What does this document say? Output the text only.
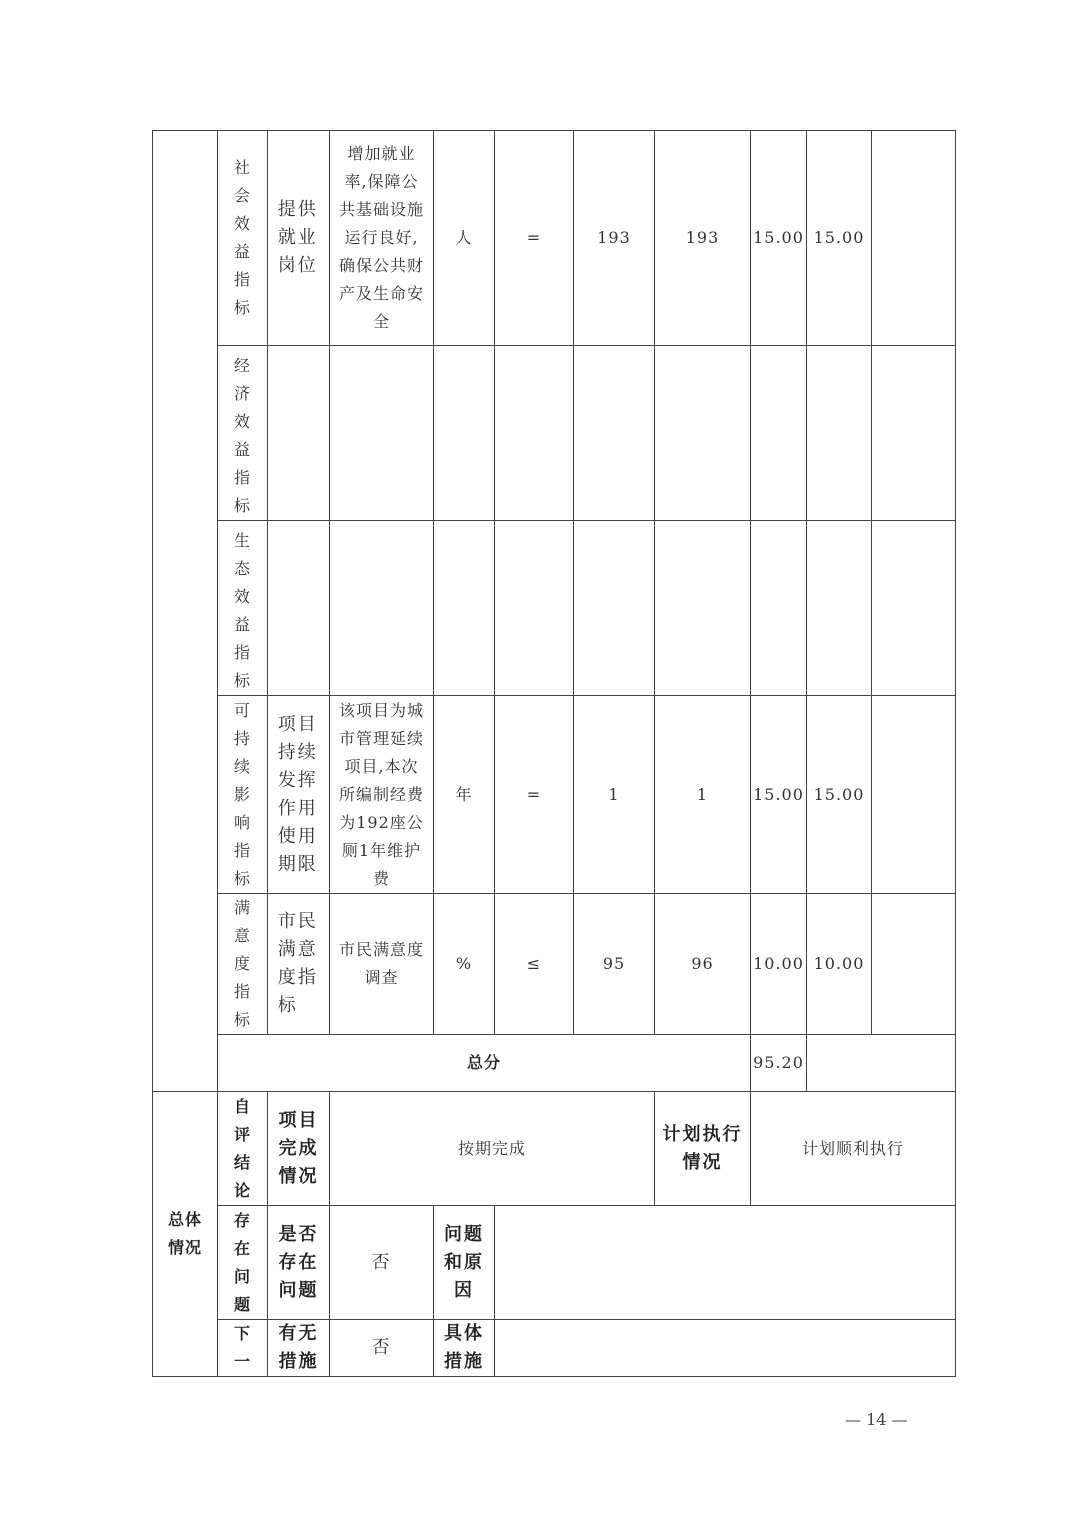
	社会效益指标	提供就业岗位	增加就业率,保障公共基础设施运行良好,确保公共财产及生命安全	人	=	193	193	15.00	15.00	

	经济效益指标									

	生态效益指标									

	可持续影响指标	项目持续发挥作用使用期限	该项目为城市管理延续项目,本次所编制经费为192座公厕1年维护费	年	=	1	1	15.00	15.00	

	满意度指标	市民满意度指标	市民满意度调查	%	≤	95	96	10.00	10.00	

	总分							95.20		

总体情况	自评结论	项目完成情况	按期完成				计划执行情况	计划顺利执行		

	存在问题	是否存在问题	否	问题和原因						

	下一	有无措施	否	具体措施						

— 14 —
